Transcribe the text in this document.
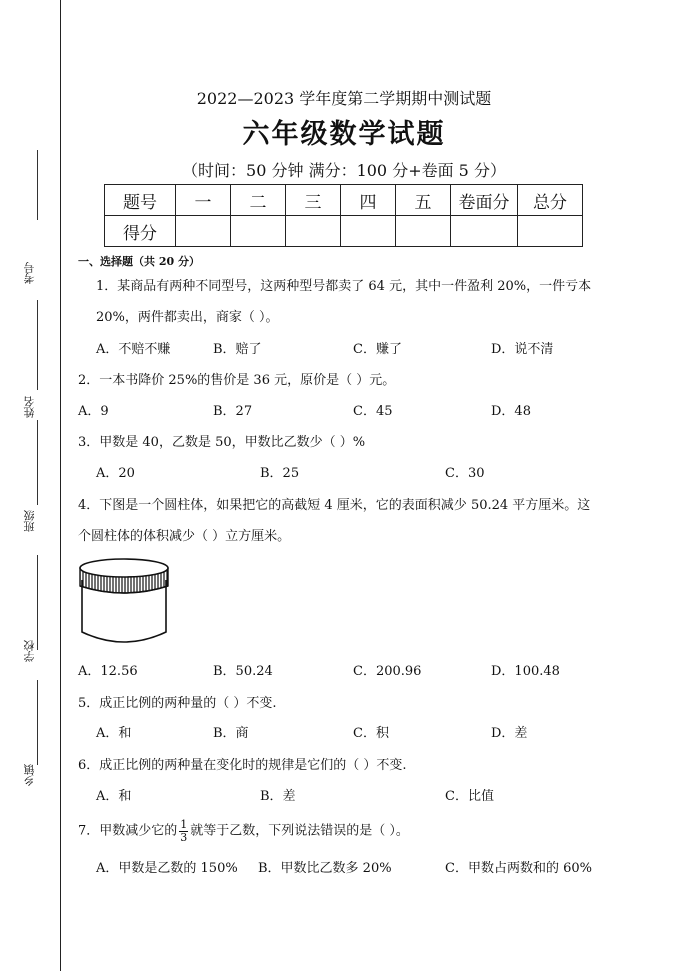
考号
姓名
班级
学校
乡镇
2022—2023 学年度第二学期期中测试题
六年级数学试题
（时间：50 分钟 满分：100 分+卷面 5 分）
题号	一	二	三	四	五	卷面分	总分
得分							
一、选择题（共 20 分）
1．某商品有两种不同型号，这两种型号都卖了 64 元，其中一件盈利 20%，一件亏本
20%，两件都卖出，商家（ ）。
A．不赔不赚	B．赔了	C．赚了	D．说不清
2．一本书降价 25%的售价是 36 元，原价是（ ）元。
A．9	B．27	C．45	D．48
3．甲数是 40，乙数是 50，甲数比乙数少（ ）%
A．20	B．25	C．30
4．下图是一个圆柱体，如果把它的高截短 4 厘米，它的表面积减少 50.24 平方厘米。这
个圆柱体的体积减少（ ）立方厘米。
A．12.56	B．50.24	C．200.96	D．100.48
5．成正比例的两种量的（ ）不变.
A．和	B．商	C．积	D．差
6．成正比例的两种量在变化时的规律是它们的（ ）不变.
A．和	B．差	C．比值
7．甲数减少它的 $\frac{1}{3}$ 就等于乙数，下列说法错误的是（ ）。
A．甲数是乙数的 150% B．甲数比乙数多 20%	C．甲数占两数和的 60%
